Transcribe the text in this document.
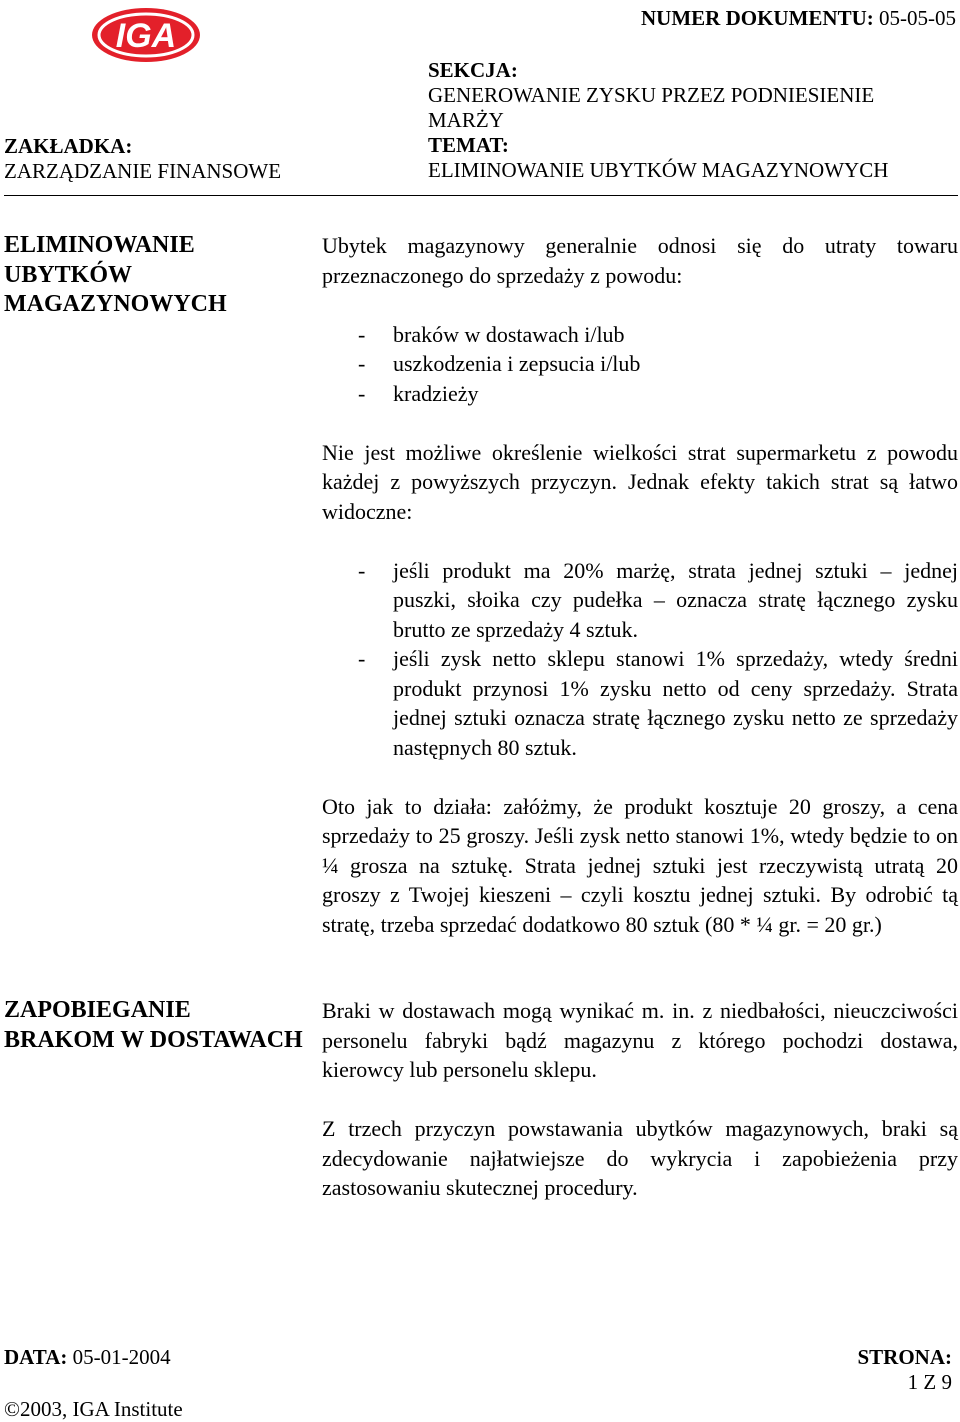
IGA	NUMER DOKUMENTU: 05-05-05
SEKCJA:
GENEROWANIE ZYSKU PRZEZ PODNIESIENIE MARŻY
TEMAT:
ELIMINOWANIE UBYTKÓW MAGAZYNOWYCH
ZAKŁADKA:
ZARZĄDZANIE FINANSOWE
ELIMINOWANIE UBYTKÓW MAGAZYNOWYCH

Ubytek magazynowy generalnie odnosi się do utraty towaru przeznaczonego do sprzedaży z powodu:

- braków w dostawach i/lub
- uszkodzenia i zepsucia i/lub
- kradzieży

Nie jest możliwe określenie wielkości strat supermarketu z powodu każdej z powyższych przyczyn. Jednak efekty takich strat są łatwo widoczne:

- jeśli produkt ma 20% marżę, strata jednej sztuki – jednej puszki, słoika czy pudełka – oznacza stratę łącznego zysku brutto ze sprzedaży 4 sztuk.
- jeśli zysk netto sklepu stanowi 1% sprzedaży, wtedy średni produkt przynosi 1% zysku netto od ceny sprzedaży. Strata jednej sztuki oznacza stratę łącznego zysku netto ze sprzedaży następnych 80 sztuk.

Oto jak to działa: załóżmy, że produkt kosztuje 20 groszy, a cena sprzedaży to 25 groszy. Jeśli zysk netto stanowi 1%, wtedy będzie to on ¼ grosza na sztukę. Strata jednej sztuki jest rzeczywistą utratą 20 groszy z Twojej kieszeni – czyli kosztu jednej sztuki. By odrobić tą stratę, trzeba sprzedać dodatkowo 80 sztuk (80 * ¼ gr. = 20 gr.)

ZAPOBIEGANIE BRAKOM W DOSTAWACH

Braki w dostawach mogą wynikać m. in. z niedbałości, nieuczciwości personelu fabryki bądź magazynu z którego pochodzi dostawa, kierowcy lub personelu sklepu.

Z trzech przyczyn powstawania ubytków magazynowych, braki są zdecydowanie najłatwiejsze do wykrycia i zapobieżenia przy zastosowaniu skutecznej procedury.

DATA: 05-01-2004
©2003, IGA Institute
STRONA:
1 Z 9
